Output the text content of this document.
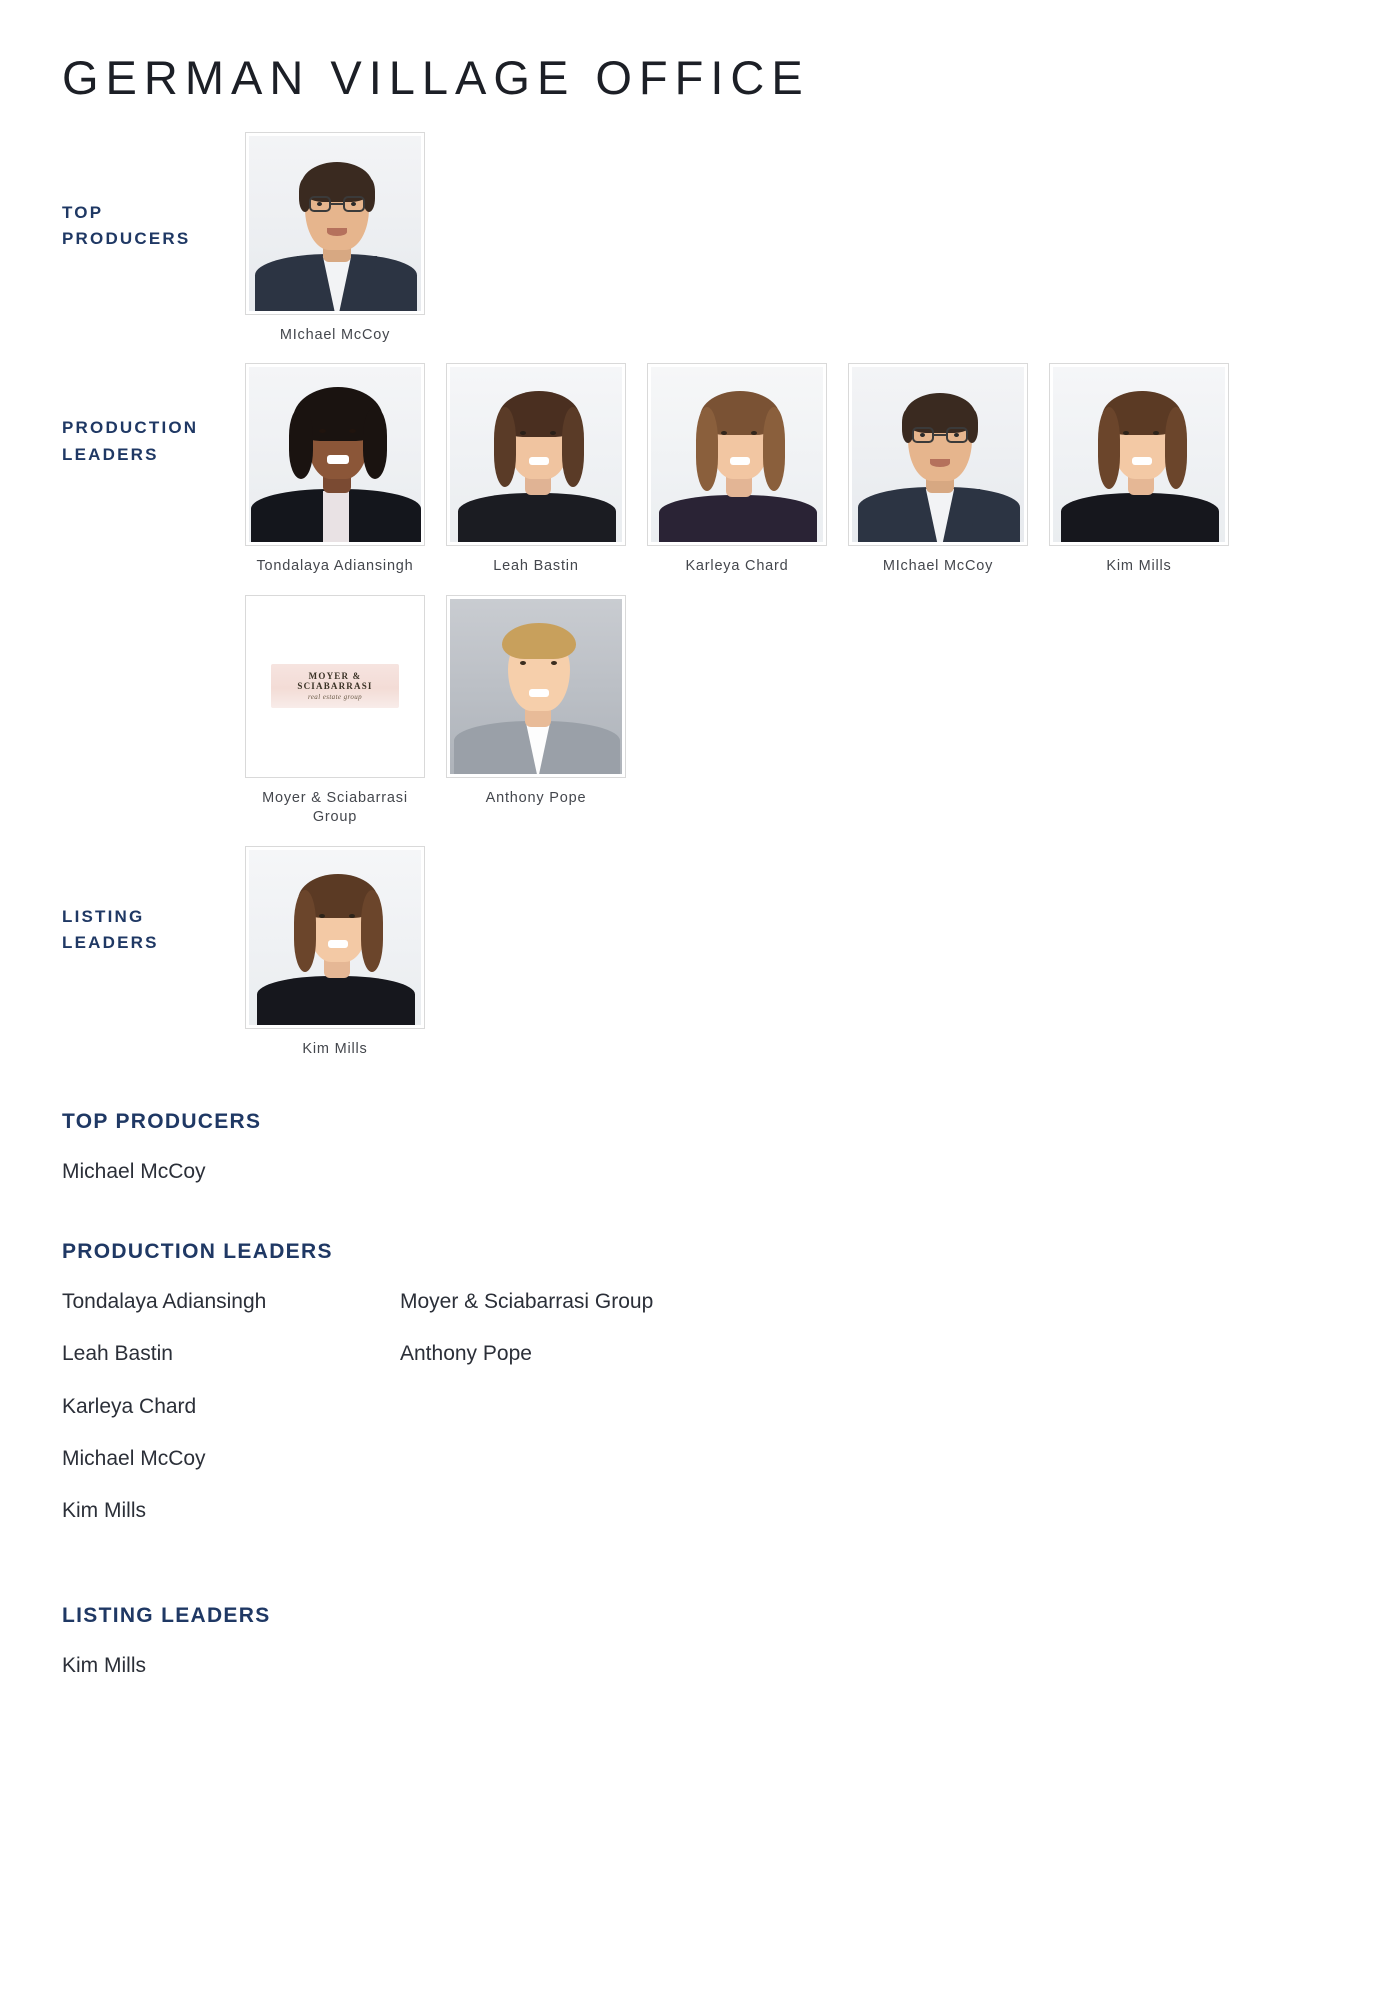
GERMAN VILLAGE OFFICE
TOP
PRODUCERS
MIchael McCoy
PRODUCTION
LEADERS
Tondalaya Adiansingh	Leah Bastin	Karleya Chard	MIchael McCoy	Kim Mills
MOYER & SCIABARRASI
real estate group
Moyer & Sciabarrasi Group
Anthony Pope
LISTING
LEADERS
Kim Mills
TOP PRODUCERS
Michael McCoy
PRODUCTION LEADERS
Tondalaya Adiansingh
Leah Bastin
Karleya Chard
Michael McCoy
Kim Mills
Moyer & Sciabarrasi Group
Anthony Pope
LISTING LEADERS
Kim Mills
